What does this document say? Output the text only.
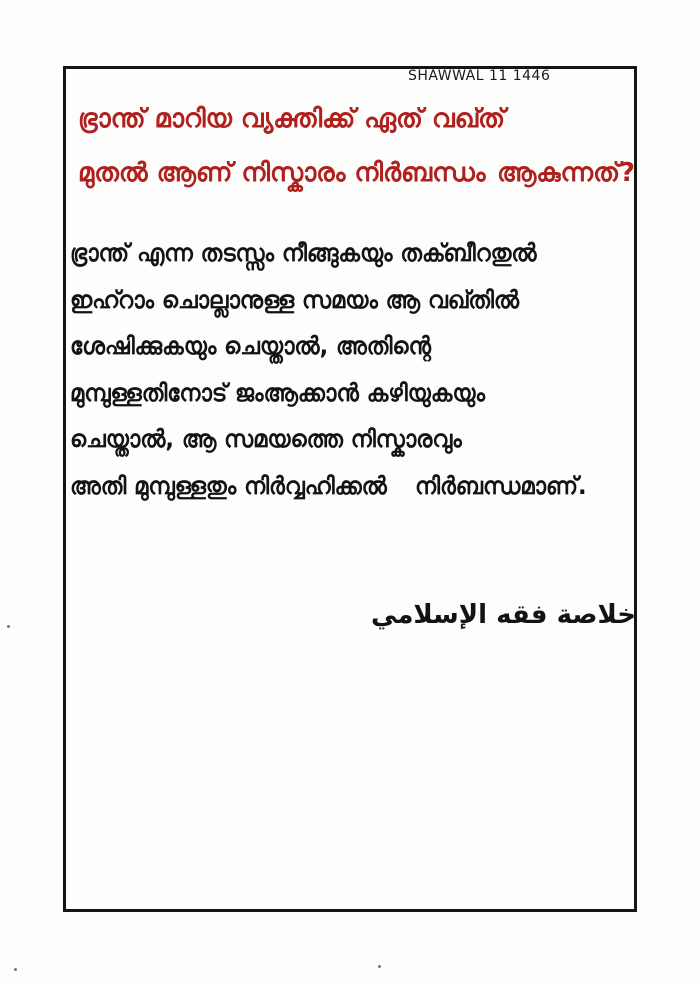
SHAWWAL 11 1446
ഭ്രാന്ത് മാറിയ വ്യക്തിക്ക് ഏത് വഖ്ത് മുതൽ ആണ് നിസ്കാരം നിർബന്ധം ആകുന്നത്?
ഭ്രാന്ത് എന്ന തടസ്സം നീങ്ങുകയും തക്ബീറതുൽ ഇഹ്റാം ചൊല്ലാനുള്ള സമയം ആ വഖ്തിൽ ശേഷിക്കുകയും ചെയ്താൽ, അതിന്റെ മുമ്പുള്ളതിനോട് ജംആക്കാൻ കഴിയുകയും ചെയ്താൽ, ആ സമയത്തെ നിസ്കാരവും അതി മുമ്പുള്ളതും നിർവ്വഹിക്കൽ നിർബന്ധമാണ്.
خلاصة فقه الإسلامي
